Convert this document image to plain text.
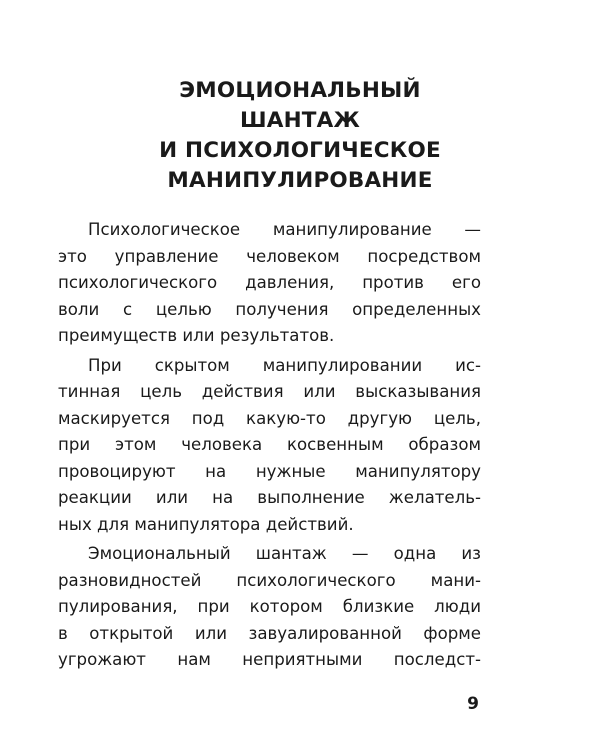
ЭМОЦИОНАЛЬНЫЙ
ШАНТАЖ
И ПСИХОЛОГИЧЕСКОЕ
МАНИПУЛИРОВАНИЕ
Психологическое манипулирование —
это управление человеком посредством
психологического давления, против его
воли с целью получения определенных
преимуществ или результатов.
При скрытом манипулировании ис-
тинная цель действия или высказывания
маскируется под какую-то другую цель,
при этом человека косвенным образом
провоцируют на нужные манипулятору
реакции или на выполнение желатель-
ных для манипулятора действий.
Эмоциональный шантаж — одна из
разновидностей психологического мани-
пулирования, при котором близкие люди
в открытой или завуалированной форме
угрожают нам неприятными последст-
9
